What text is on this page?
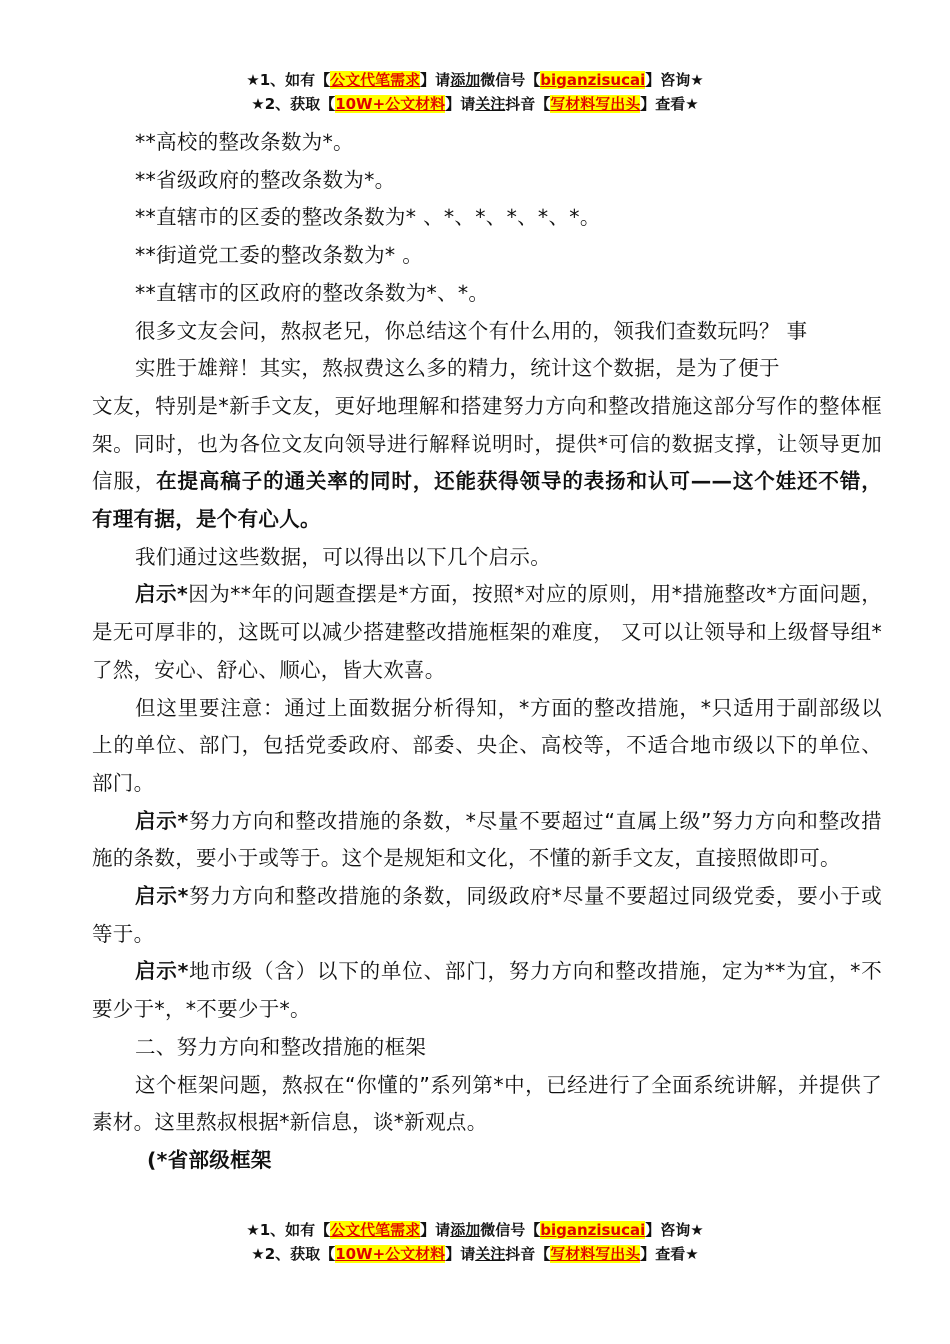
★1、如有【公文代笔需求】请添加微信号【biganzisucai】咨询★
★2、获取【10W+公文材料】请关注抖音【写材料写出头】查看★

**高校的整改条数为*。

**省级政府的整改条数为*。

**直辖市的区委的整改条数为* 、*、*、*、*、*。

**街道党工委的整改条数为* 。

**直辖市的区政府的整改条数为*、*。

很多文友会问，熬叔老兄，你总结这个有什么用的，领我们查数玩吗？ 事

实胜于雄辩！其实，熬叔费这么多的精力，统计这个数据，是为了便于

文友，特别是*新手文友，更好地理解和搭建努力方向和整改措施这部分写作的整体框架。同时，也为各位文友向领导进行解释说明时，提供*可信的数据支撑，让领导更加信服，在提高稿子的通关率的同时，还能获得领导的表扬和认可——这个娃还不错，有理有据，是个有心人。

我们通过这些数据，可以得出以下几个启示。

启示*因为**年的问题查摆是*方面，按照*对应的原则，用*措施整改*方面问题，是无可厚非的，这既可以减少搭建整改措施框架的难度， 又可以让领导和上级督导组*了然，安心、舒心、顺心，皆大欢喜。

但这里要注意：通过上面数据分析得知，*方面的整改措施，*只适用于副部级以上的单位、部门，包括党委政府、部委、央企、高校等，不适合地市级以下的单位、部门。

启示*努力方向和整改措施的条数，*尽量不要超过“直属上级”努力方向和整改措施的条数，要小于或等于。这个是规矩和文化，不懂的新手文友，直接照做即可。

启示*努力方向和整改措施的条数，同级政府*尽量不要超过同级党委，要小于或等于。

启示*地市级（含）以下的单位、部门，努力方向和整改措施，定为**为宜，*不要少于*，*不要少于*。

二、努力方向和整改措施的框架

这个框架问题，熬叔在“你懂的”系列第*中，已经进行了全面系统讲解，并提供了素材。这里熬叔根据*新信息，谈*新观点。

(*省部级框架

★1、如有【公文代笔需求】请添加微信号【biganzisucai】咨询★
★2、获取【10W+公文材料】请关注抖音【写材料写出头】查看★
